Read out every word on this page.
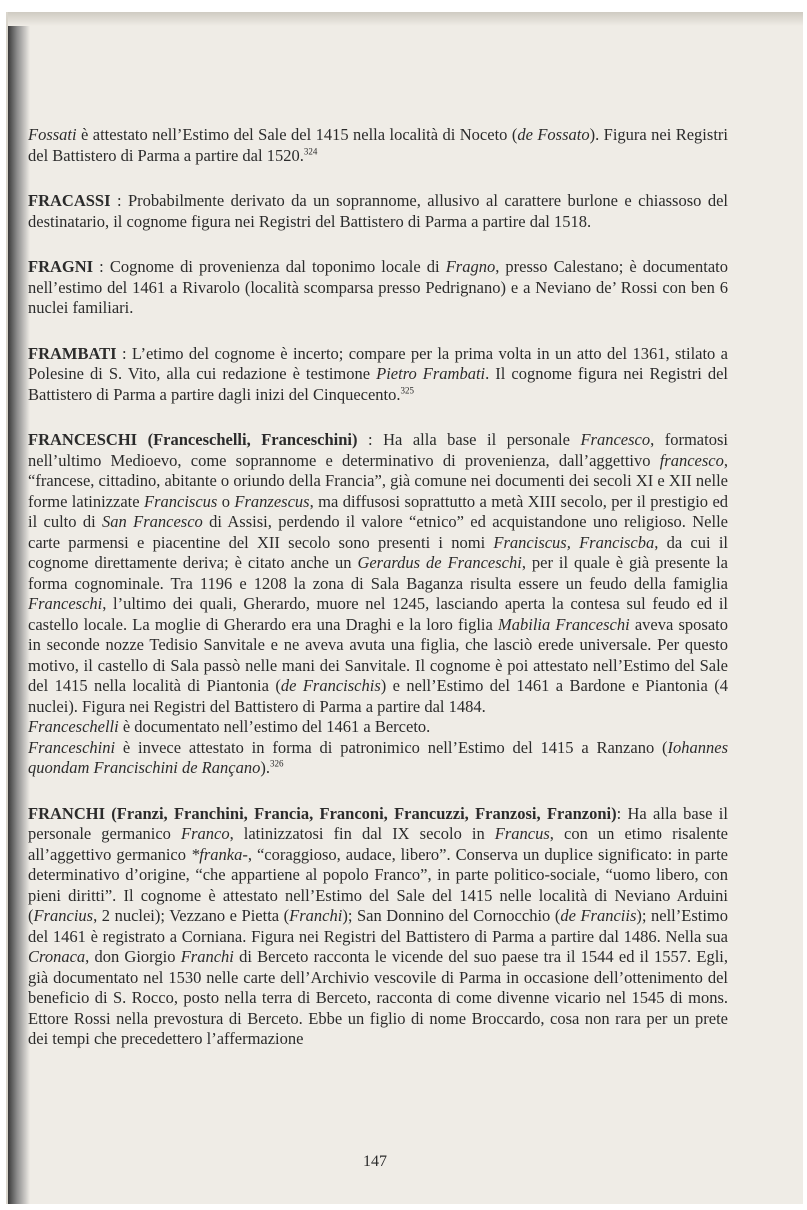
Fossati è attestato nell’Estimo del Sale del 1415 nella località di Noceto (de Fossato). Figura nei Registri del Battistero di Parma a partire dal 1520.$^{324}$

FRACASSI : Probabilmente derivato da un soprannome, allusivo al carattere burlone e chiassoso del destinatario, il cognome figura nei Registri del Battistero di Parma a partire dal 1518.

FRAGNI : Cognome di provenienza dal toponimo locale di Fragno, presso Calestano; è documentato nell’estimo del 1461 a Rivarolo (località scomparsa presso Pedrignano) e a Neviano de’ Rossi con ben 6 nuclei familiari.

FRAMBATI : L’etimo del cognome è incerto; compare per la prima volta in un atto del 1361, stilato a Polesine di S. Vito, alla cui redazione è testimone Pietro Frambati. Il cognome figura nei Registri del Battistero di Parma a partire dagli inizi del Cinquecento.$^{325}$

FRANCESCHI (Franceschelli, Franceschini) : Ha alla base il personale Francesco, formatosi nell’ultimo Medioevo, come soprannome e determinativo di provenienza, dall’aggettivo francesco, “francese, cittadino, abitante o oriundo della Francia”, già comune nei documenti dei secoli XI e XII nelle forme latinizzate Franciscus o Franzescus, ma diffusosi soprattutto a metà XIII secolo, per il prestigio ed il culto di San Francesco di Assisi, perdendo il valore “etnico” ed acquistandone uno religioso. Nelle carte parmensi e piacentine del XII secolo sono presenti i nomi Franciscus, Franciscba, da cui il cognome direttamente deriva; è citato anche un Gerardus de Franceschi, per il quale è già presente la forma cognominale. Tra 1196 e 1208 la zona di Sala Baganza risulta essere un feudo della famiglia Franceschi, l’ultimo dei quali, Gherardo, muore nel 1245, lasciando aperta la contesa sul feudo ed il castello locale. La moglie di Gherardo era una Draghi e la loro figlia Mabilia Franceschi aveva sposato in seconde nozze Tedisio Sanvitale e ne aveva avuta una figlia, che lasciò erede universale. Per questo motivo, il castello di Sala passò nelle mani dei Sanvitale. Il cognome è poi attestato nell’Estimo del Sale del 1415 nella località di Piantonia (de Francischis) e nell’Estimo del 1461 a Bardone e Piantonia (4 nuclei). Figura nei Registri del Battistero di Parma a partire dal 1484.

Franceschelli è documentato nell’estimo del 1461 a Berceto.

Franceschini è invece attestato in forma di patronimico nell’Estimo del 1415 a Ranzano (Iohannes quondam Francischini de Rançano).$^{326}$

FRANCHI (Franzi, Franchini, Francia, Franconi, Francuzzi, Franzosi, Franzoni): Ha alla base il personale germanico Franco, latinizzatosi fin dal IX secolo in Francus, con un etimo risalente all’aggettivo germanico *franka-, “coraggioso, audace, libero”. Conserva un duplice significato: in parte determinativo d’origine, “che appartiene al popolo Franco”, in parte politico-sociale, “uomo libero, con pieni diritti”. Il cognome è attestato nell’Estimo del Sale del 1415 nelle località di Neviano Arduini (Francius, 2 nuclei); Vezzano e Pietta (Franchi); San Donnino del Cornocchio (de Franciis); nell’Estimo del 1461 è registrato a Corniana. Figura nei Registri del Battistero di Parma a partire dal 1486. Nella sua Cronaca, don Giorgio Franchi di Berceto racconta le vicende del suo paese tra il 1544 ed il 1557. Egli, già documentato nel 1530 nelle carte dell’Archivio vescovile di Parma in occasione dell’ottenimento del beneficio di S. Rocco, posto nella terra di Berceto, racconta di come divenne vicario nel 1545 di mons. Ettore Rossi nella prevostura di Berceto. Ebbe un figlio di nome Broccardo, cosa non rara per un prete dei tempi che precedettero l’affermazione

147
